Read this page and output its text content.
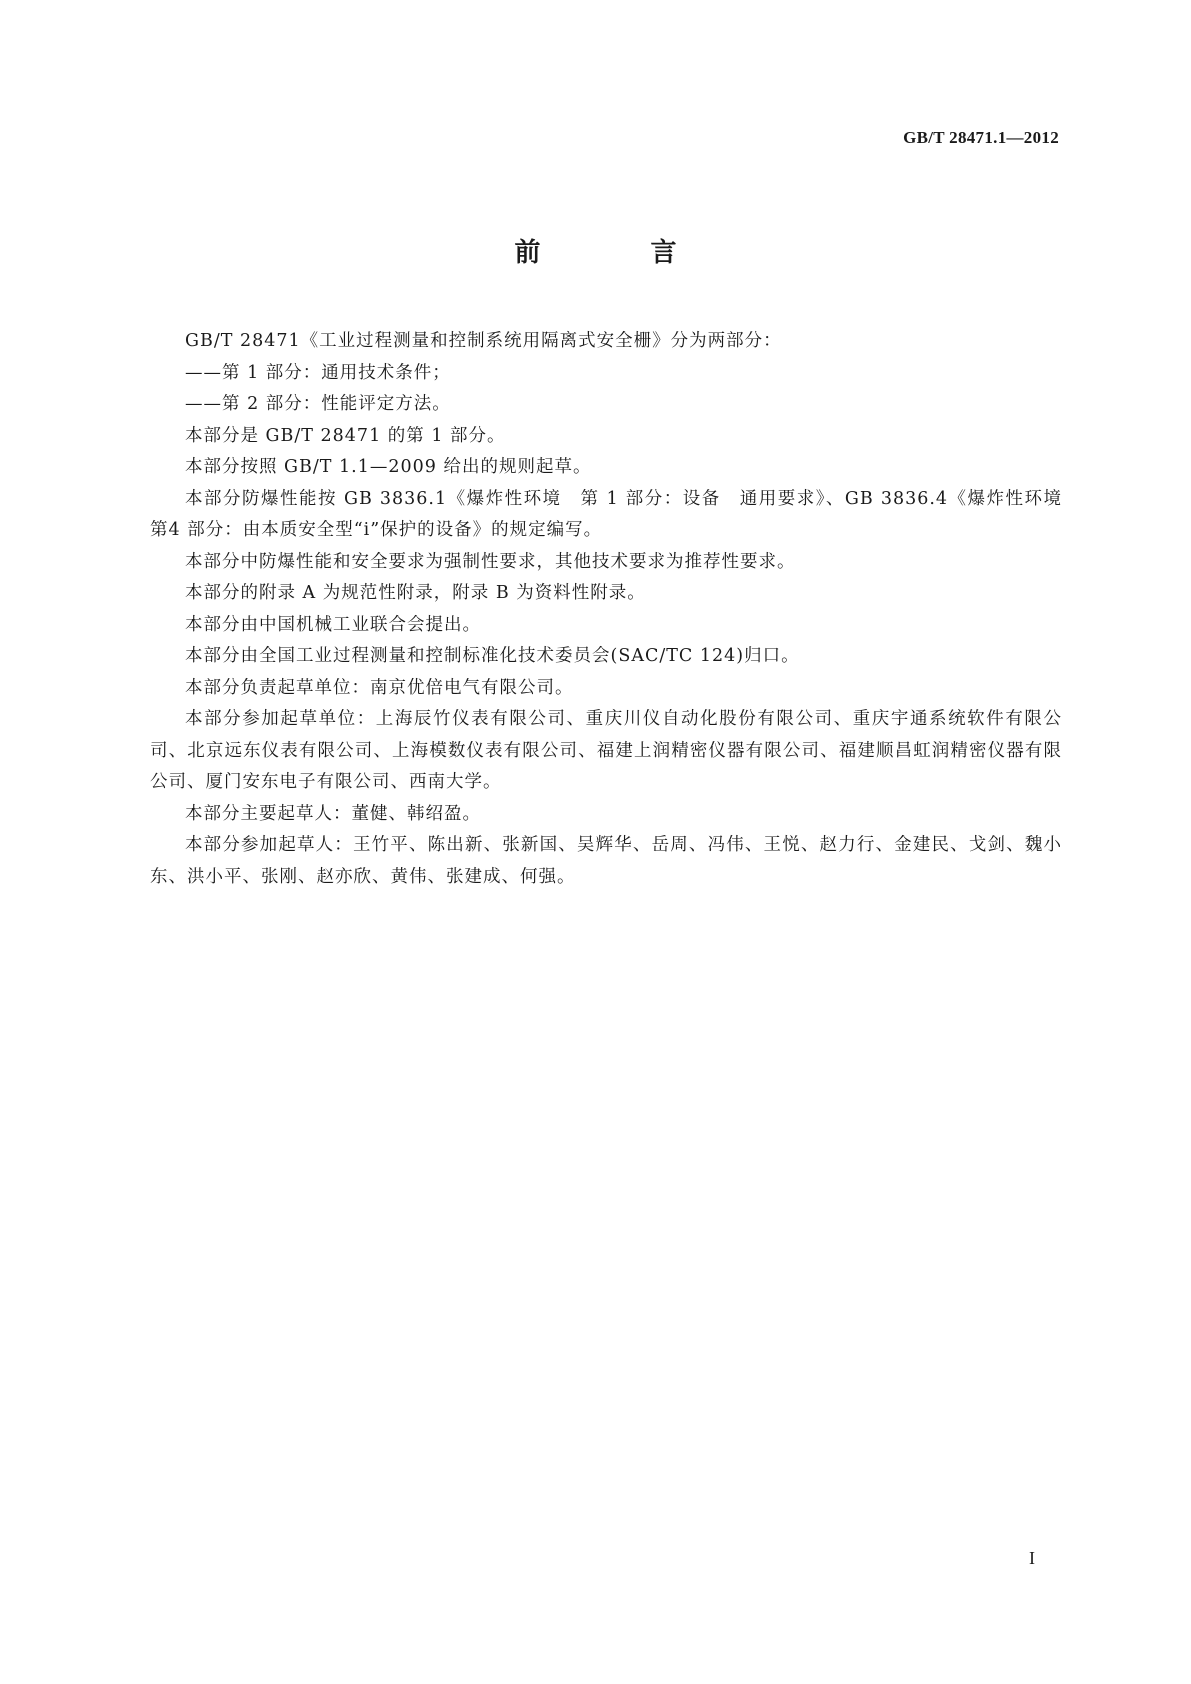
GB/T 28471.1—2012
前　言

GB/T 28471《工业过程测量和控制系统用隔离式安全栅》分为两部分：

——第 1 部分：通用技术条件；

——第 2 部分：性能评定方法。

本部分是 GB/T 28471 的第 1 部分。

本部分按照 GB/T 1.1—2009 给出的规则起草。

本部分防爆性能按 GB 3836.1《爆炸性环境　第 1 部分：设备　通用要求》、GB 3836.4《爆炸性环境　第4 部分：由本质安全型“i”保护的设备》的规定编写。

本部分中防爆性能和安全要求为强制性要求，其他技术要求为推荐性要求。

本部分的附录 A 为规范性附录，附录 B 为资料性附录。

本部分由中国机械工业联合会提出。

本部分由全国工业过程测量和控制标准化技术委员会(SAC/TC 124)归口。

本部分负责起草单位：南京优倍电气有限公司。

本部分参加起草单位：上海辰竹仪表有限公司、重庆川仪自动化股份有限公司、重庆宇通系统软件有限公司、北京远东仪表有限公司、上海模数仪表有限公司、福建上润精密仪器有限公司、福建顺昌虹润精密仪器有限公司、厦门安东电子有限公司、西南大学。

本部分主要起草人：董健、韩绍盈。

本部分参加起草人：王竹平、陈出新、张新国、吴辉华、岳周、冯伟、王悦、赵力行、金建民、戈剑、魏小东、洪小平、张刚、赵亦欣、黄伟、张建成、何强。

I
